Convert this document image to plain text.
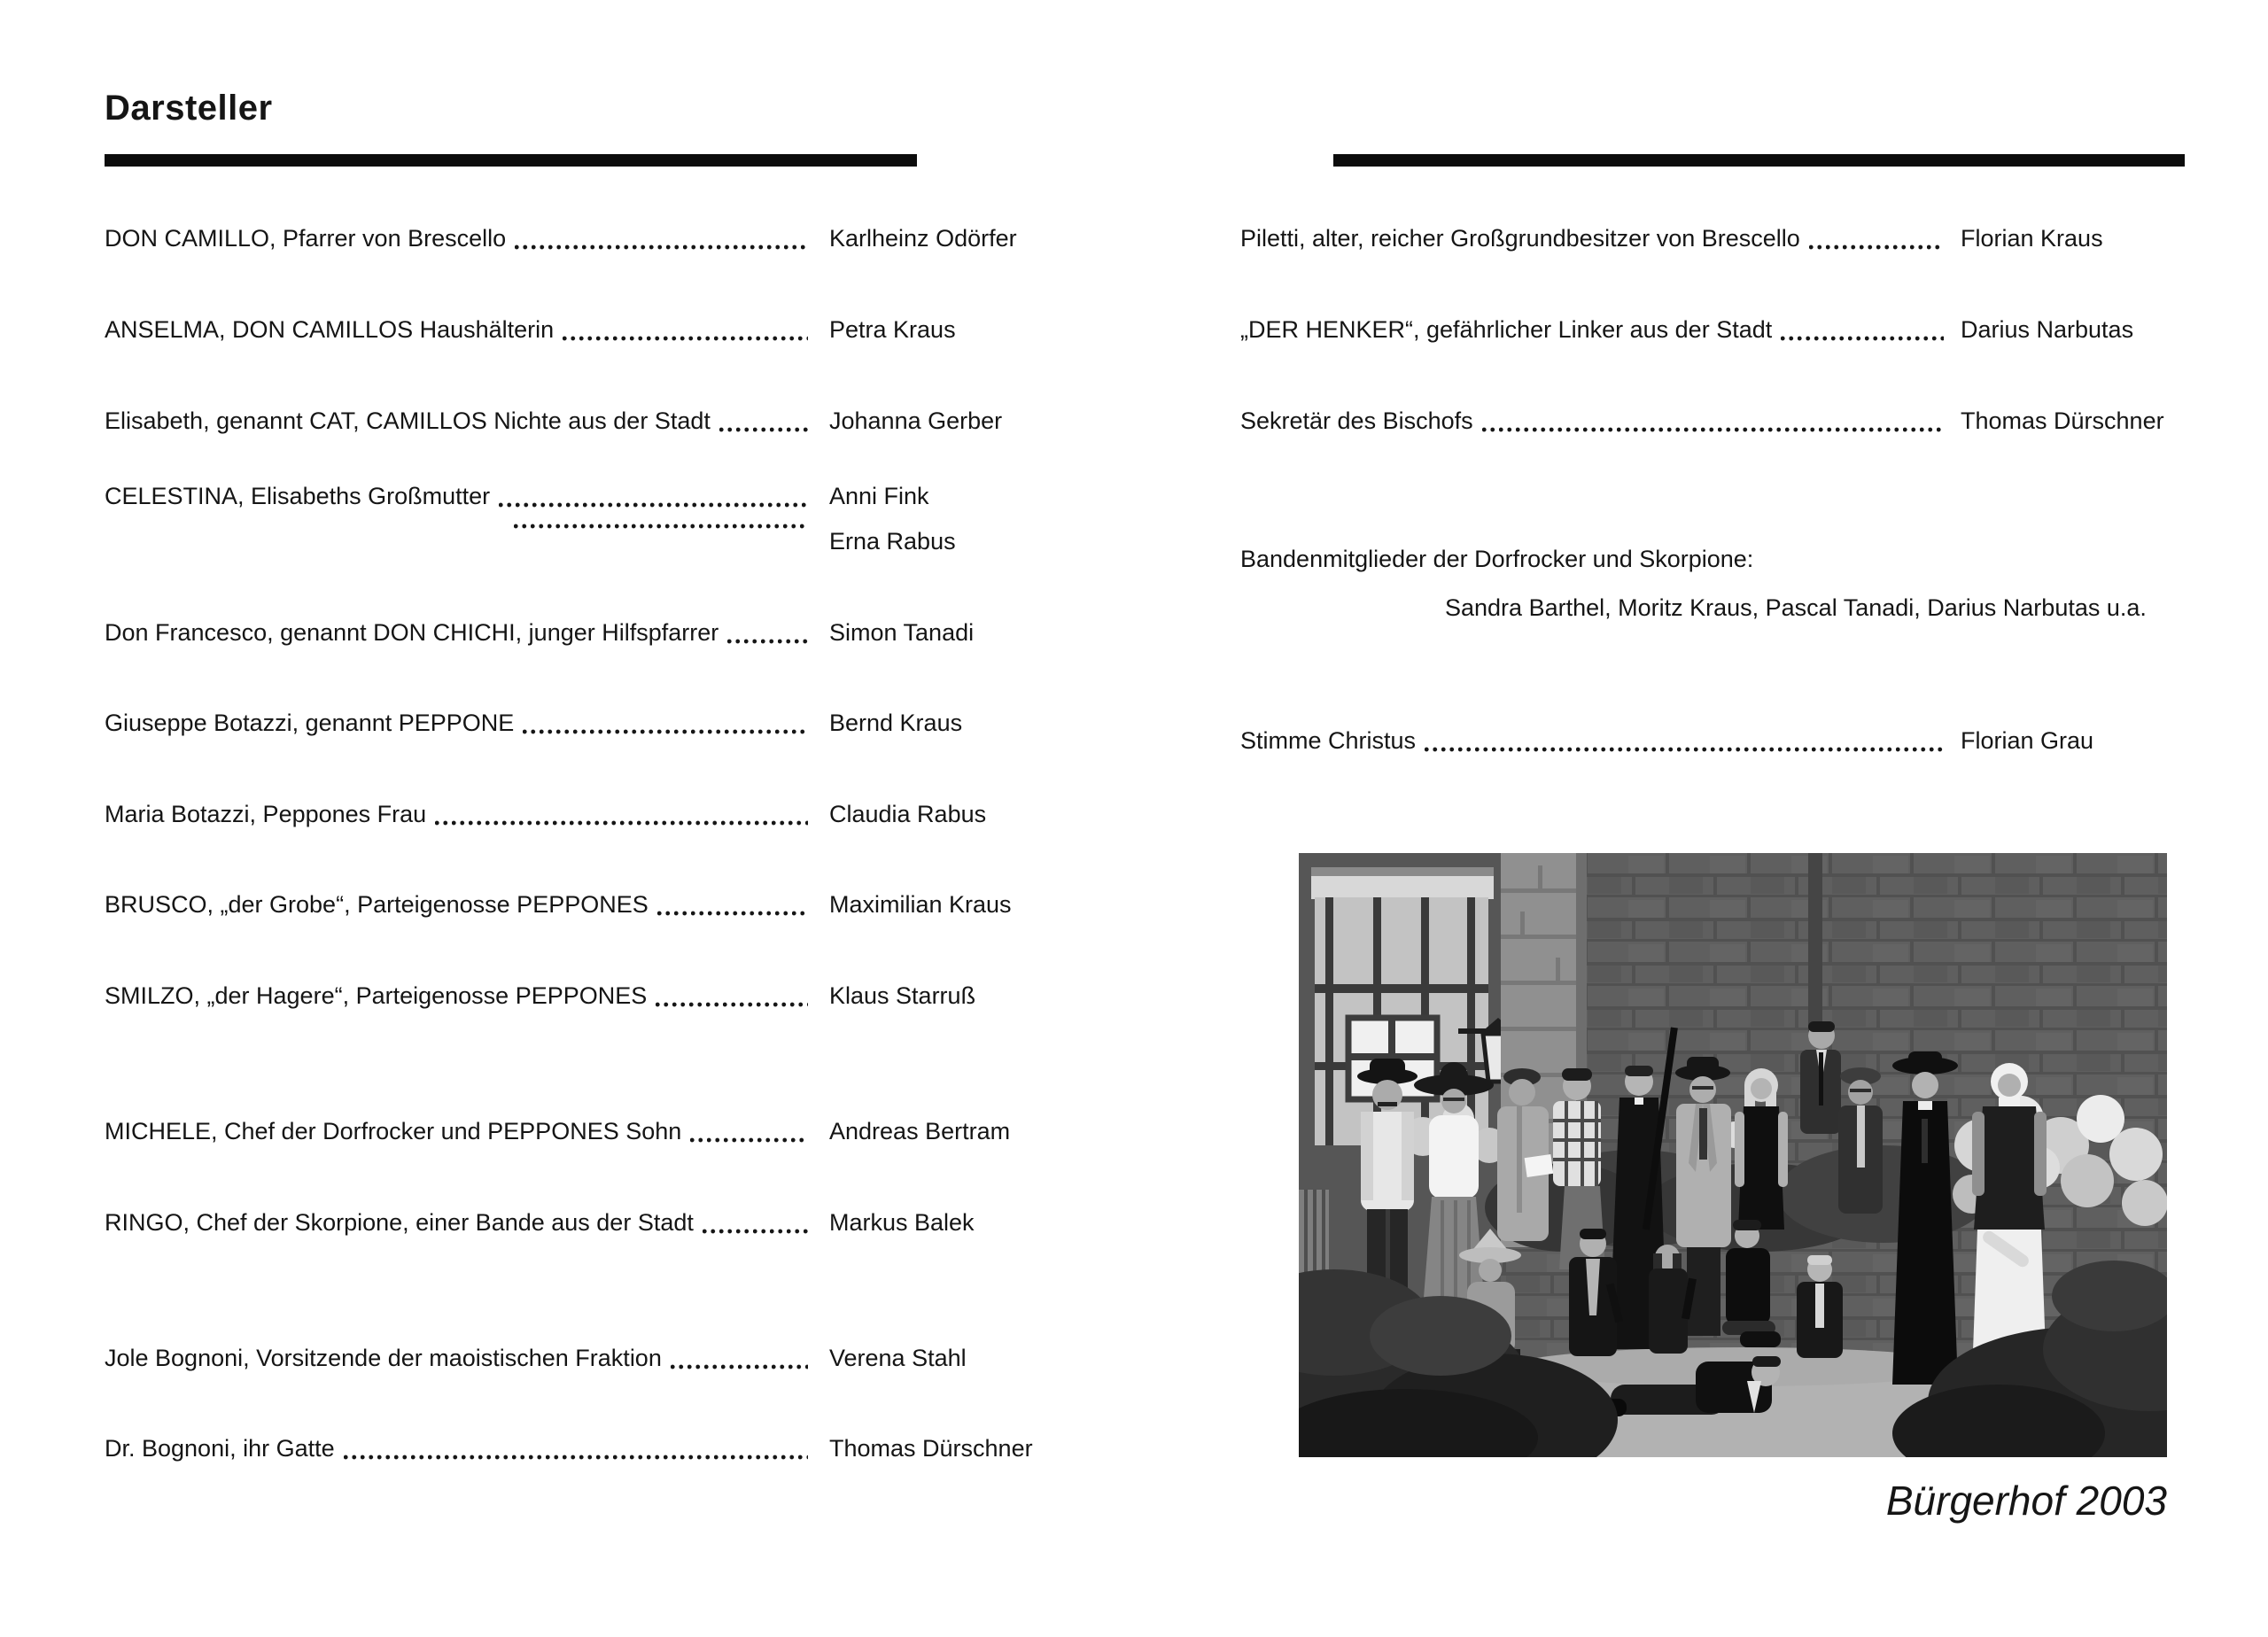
Darsteller
DON CAMILLO, Pfarrer von Brescello	Karlheinz Odörfer
ANSELMA, DON CAMILLOS Haushälterin	Petra Kraus
Elisabeth, genannt CAT, CAMILLOS Nichte aus der Stadt	Johanna Gerber
CELESTINA, Elisabeths Großmutter	Anni Fink
Erna Rabus
Don Francesco, genannt DON CHICHI, junger Hilfspfarrer	Simon Tanadi
Giuseppe Botazzi, genannt PEPPONE	Bernd Kraus
Maria Botazzi, Peppones Frau	Claudia Rabus
BRUSCO, „der Grobe“, Parteigenosse PEPPONES	Maximilian Kraus
SMILZO, „der Hagere“, Parteigenosse PEPPONES	Klaus Starruß
MICHELE, Chef der Dorfrocker und PEPPONES Sohn	Andreas Bertram
RINGO, Chef der Skorpione, einer Bande aus der Stadt	Markus Balek
Jole Bognoni, Vorsitzende der maoistischen Fraktion	Verena Stahl
Dr. Bognoni, ihr Gatte	Thomas Dürschner
Piletti, alter, reicher Großgrundbesitzer von Brescello	Florian Kraus
„DER HENKER“, gefährlicher Linker aus der Stadt	Darius Narbutas
Sekretär des Bischofs	Thomas Dürschner
Stimme Christus	Florian Grau
Bandenmitglieder der Dorfrocker und Skorpione:
Sandra Barthel, Moritz Kraus, Pascal Tanadi, Darius Narbutas u.a.
Bürgerhof 2003
